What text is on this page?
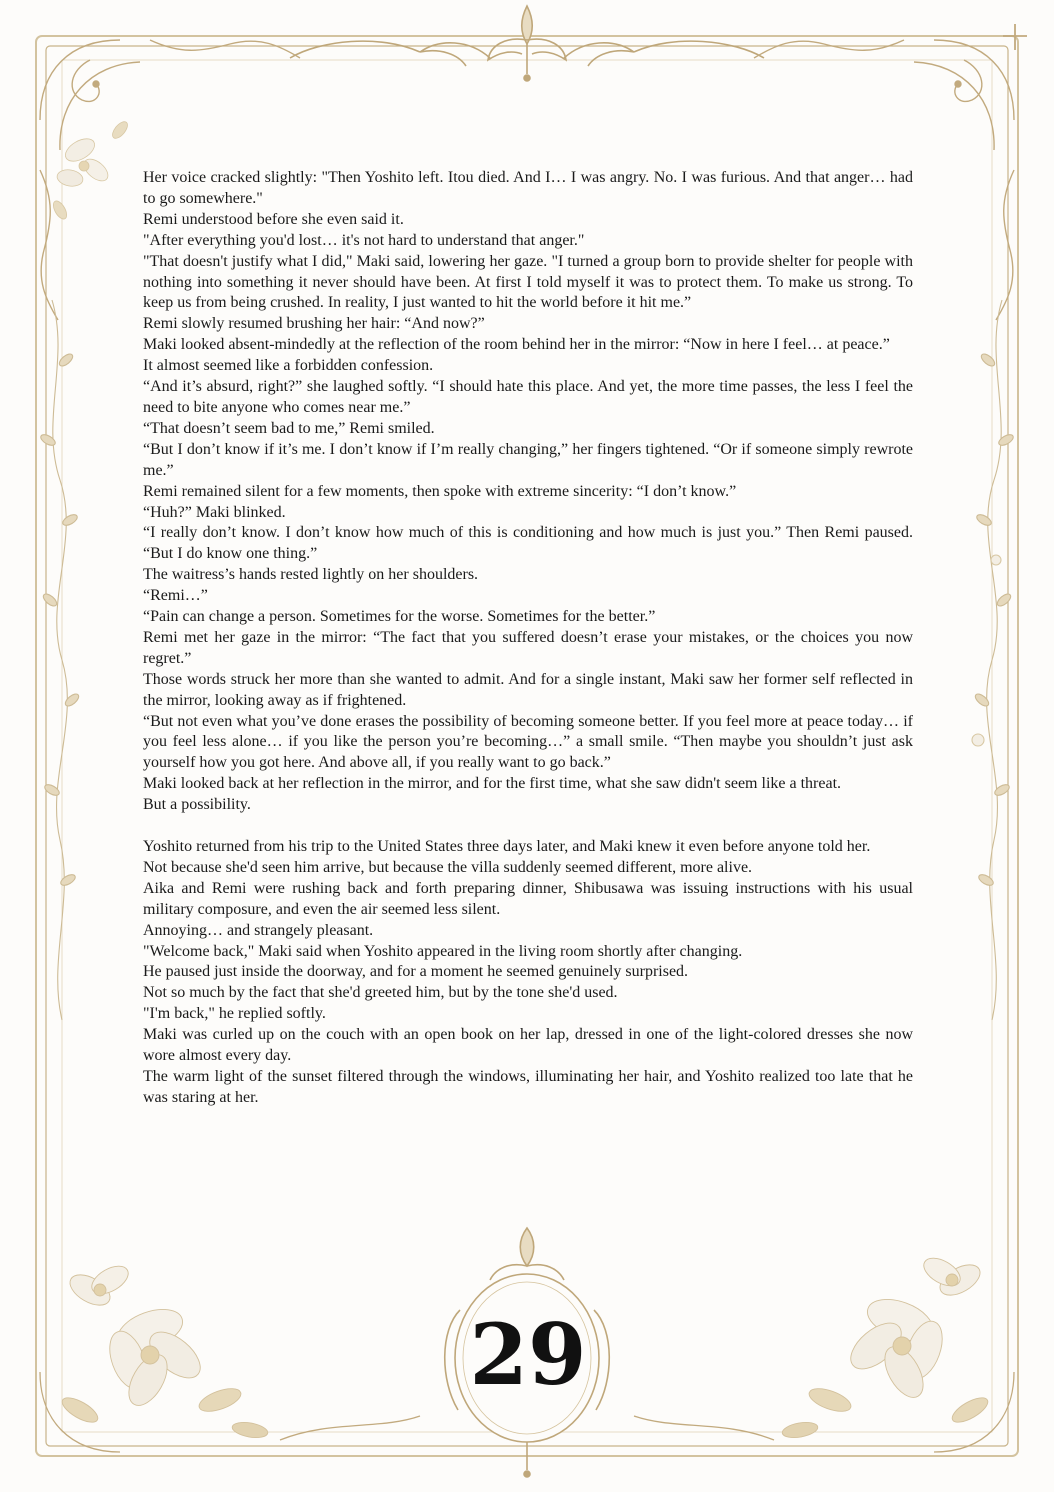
Her voice cracked slightly: "Then Yoshito left. Itou died. And I… I was angry. No. I was furious. And that anger… had to go somewhere."

Remi understood before she even said it.

"After everything you'd lost… it's not hard to understand that anger."

"That doesn't justify what I did," Maki said, lowering her gaze. "I turned a group born to provide shelter for people with nothing into something it never should have been. At first I told myself it was to protect them. To make us strong. To keep us from being crushed. In reality, I just wanted to hit the world before it hit me.”

Remi slowly resumed brushing her hair: “And now?”

Maki looked absent-mindedly at the reflection of the room behind her in the mirror: “Now in here I feel… at peace.”

It almost seemed like a forbidden confession.

“And it’s absurd, right?” she laughed softly. “I should hate this place. And yet, the more time passes, the less I feel the need to bite anyone who comes near me.”

“That doesn’t seem bad to me,” Remi smiled.

“But I don’t know if it’s me. I don’t know if I’m really changing,” her fingers tightened. “Or if someone simply rewrote me.”

Remi remained silent for a few moments, then spoke with extreme sincerity: “I don’t know.”

“Huh?” Maki blinked.

“I really don’t know. I don’t know how much of this is conditioning and how much is just you.” Then Remi paused. “But I do know one thing.”

The waitress’s hands rested lightly on her shoulders.

“Remi…”

“Pain can change a person. Sometimes for the worse. Sometimes for the better.”

Remi met her gaze in the mirror: “The fact that you suffered doesn’t erase your mistakes, or the choices you now regret.”

Those words struck her more than she wanted to admit. And for a single instant, Maki saw her former self reflected in the mirror, looking away as if frightened.

“But not even what you’ve done erases the possibility of becoming someone better. If you feel more at peace today… if you feel less alone… if you like the person you’re becoming…” a small smile. “Then maybe you shouldn’t just ask yourself how you got here. And above all, if you really want to go back.”

Maki looked back at her reflection in the mirror, and for the first time, what she saw didn't seem like a threat.

But a possibility.

Yoshito returned from his trip to the United States three days later, and Maki knew it even before anyone told her.

Not because she'd seen him arrive, but because the villa suddenly seemed different, more alive.

Aika and Remi were rushing back and forth preparing dinner, Shibusawa was issuing instructions with his usual military composure, and even the air seemed less silent.

Annoying… and strangely pleasant.

"Welcome back," Maki said when Yoshito appeared in the living room shortly after changing.

He paused just inside the doorway, and for a moment he seemed genuinely surprised.

Not so much by the fact that she'd greeted him, but by the tone she'd used.

"I'm back," he replied softly.

Maki was curled up on the couch with an open book on her lap, dressed in one of the light-colored dresses she now wore almost every day.

The warm light of the sunset filtered through the windows, illuminating her hair, and Yoshito realized too late that he was staring at her.

29
